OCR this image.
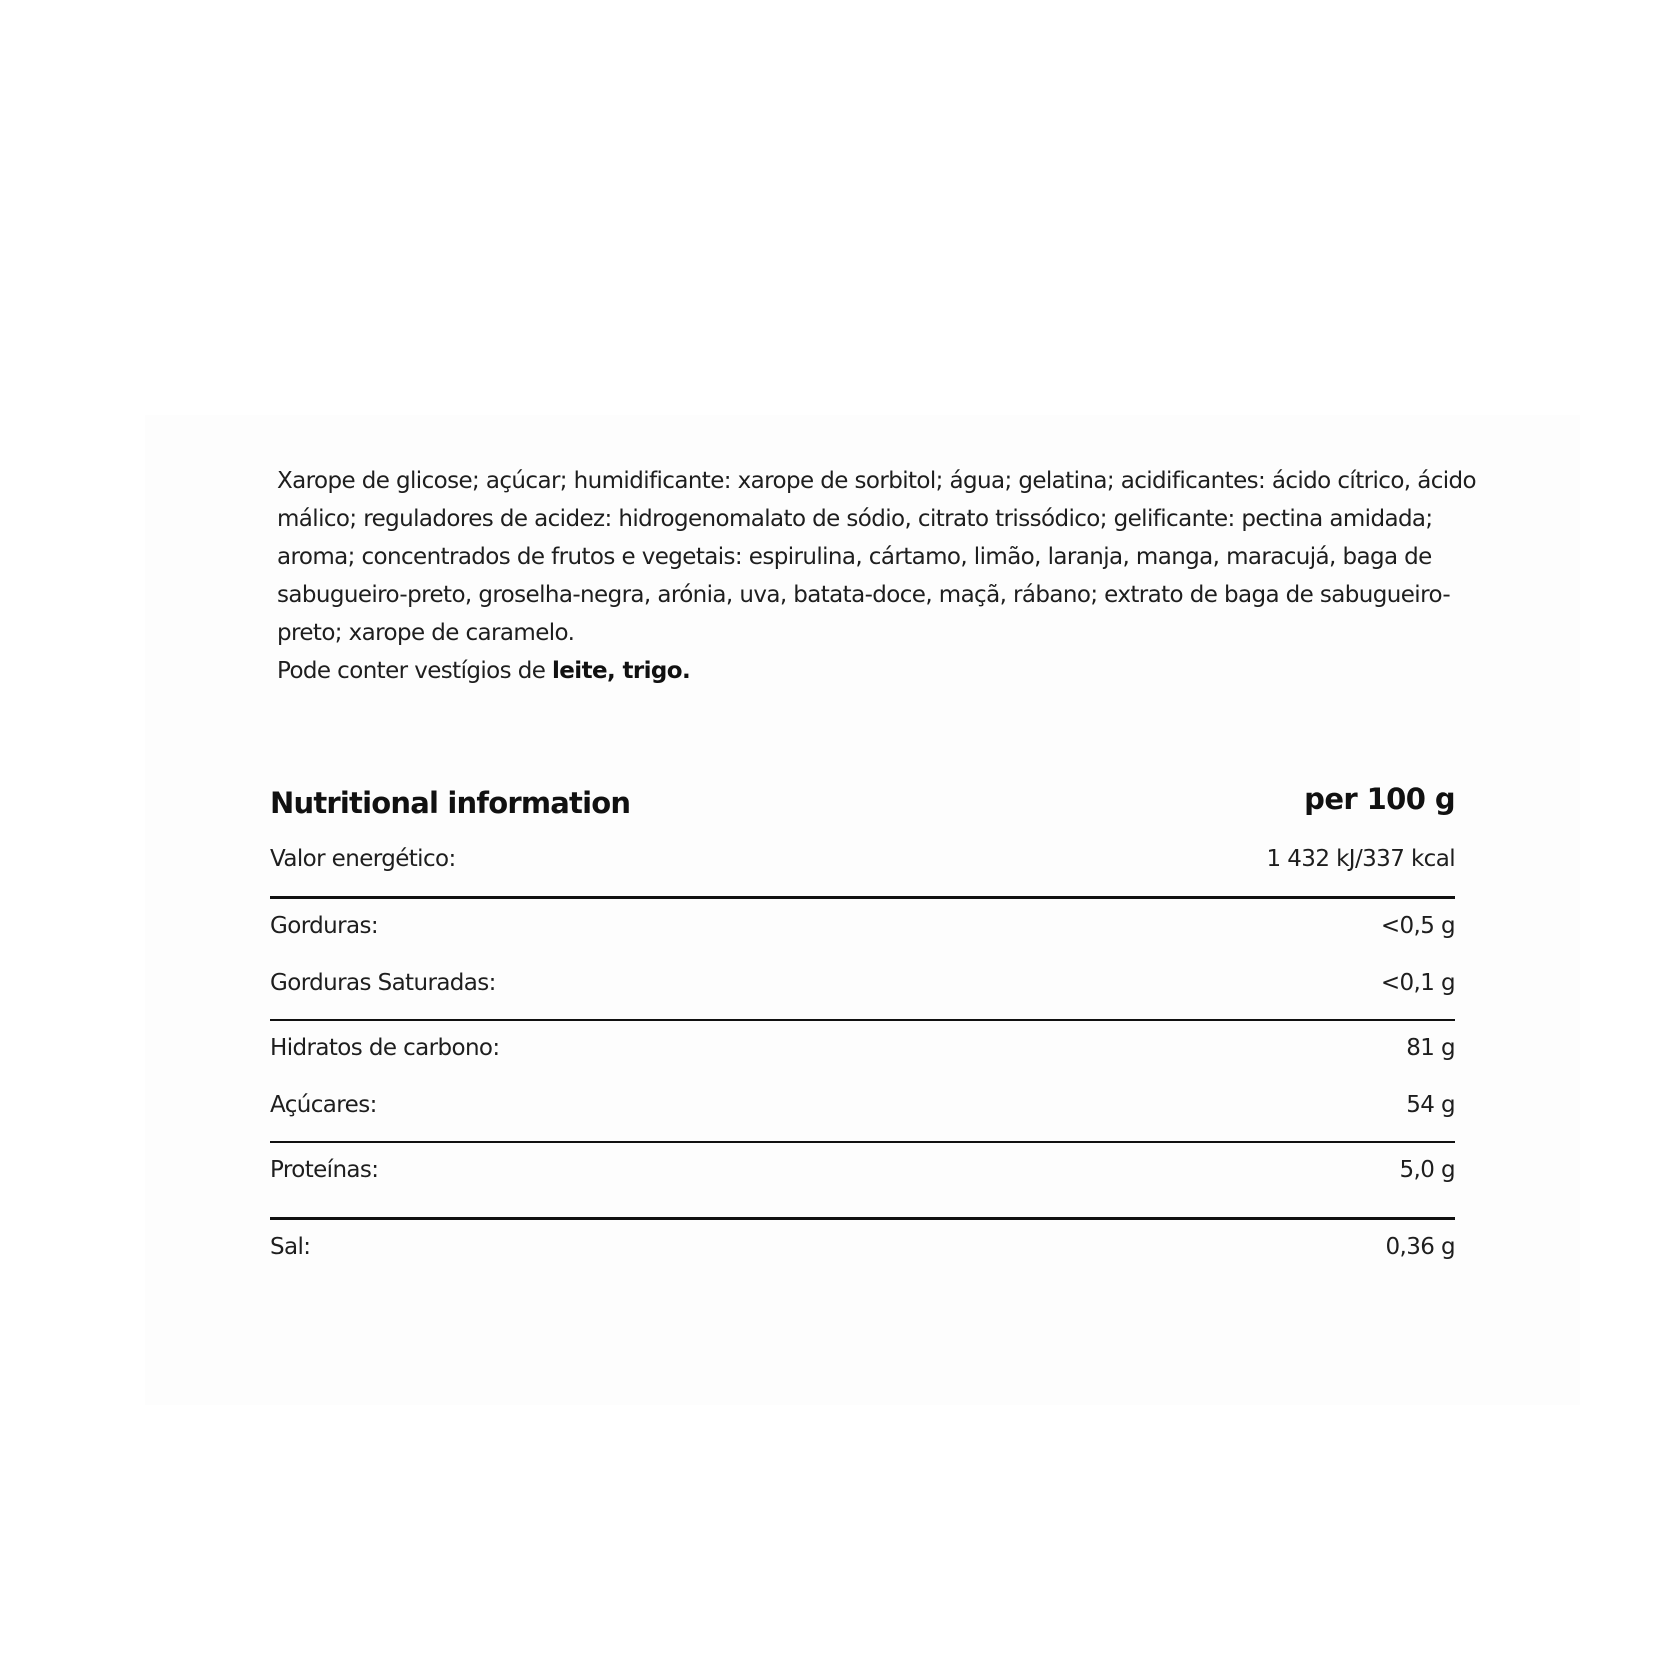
Xarope de glicose; açúcar; humidificante: xarope de sorbitol; água; gelatina; acidificantes: ácido cítrico, ácido málico; reguladores de acidez: hidrogenomalato de sódio, citrato trissódico; gelificante: pectina amidada; aroma; concentrados de frutos e vegetais: espirulina, cártamo, limão, laranja, manga, maracujá, baga de sabugueiro-preto, groselha-negra, arónia, uva, batata-doce, maçã, rábano; extrato de baga de sabugueiro-preto; xarope de caramelo.

Pode conter vestígios de leite, trigo.

Nutritional information	per 100 g
Valor energético:	1 432 kJ/337 kcal
Gorduras:	<0,5 g
Gorduras Saturadas:	<0,1 g
Hidratos de carbono:	81 g
Açúcares:	54 g
Proteínas:	5,0 g
Sal:	0,36 g
